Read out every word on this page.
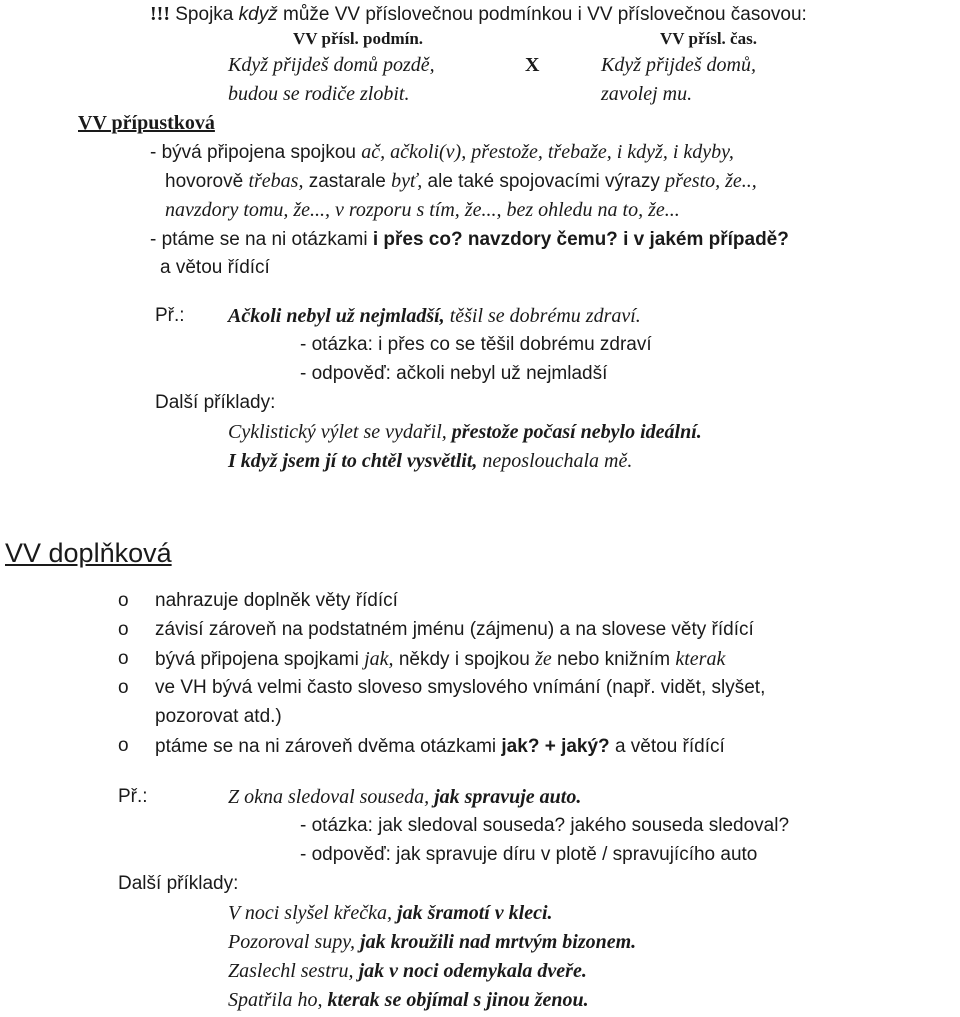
!!! Spojka když může VV příslovečnou podmínkou i VV příslovečnou časovou:
VV přísl. podmín.	VV přísl. čas.
Když přijdeš domů pozdě,	X	Když přijdeš domů,
budou se rodiče zlobit.	zavolej mu.
VV přípustková
- bývá připojena spojkou ač, ačkoli(v), přestože, třebaže, i když, i kdyby,
hovorově třebas, zastarale byť, ale také spojovacími výrazy přesto, že..,
navzdory tomu, že..., v rozporu s tím, že..., bez ohledu na to, že...
- ptáme se na ni otázkami i přes co? navzdory čemu? i v jakém případě?
a větou řídící
Př.: Ačkoli nebyl už nejmladší, těšil se dobrému zdraví.
- otázka: i přes co se těšil dobrému zdraví
- odpověď: ačkoli nebyl už nejmladší
Další příklady:
Cyklistický výlet se vydařil, přestože počasí nebylo ideální.
I když jsem jí to chtěl vysvětlit, neposlouchala mě.
VV doplňková
o nahrazuje doplněk věty řídící
o závisí zároveň na podstatném jménu (zájmenu) a na slovese věty řídící
o bývá připojena spojkami jak, někdy i spojkou že nebo knižním kterak
o ve VH bývá velmi často sloveso smyslového vnímání (např. vidět, slyšet,
pozorovat atd.)
o ptáme se na ni zároveň dvěma otázkami jak? + jaký? a větou řídící
Př.:	Z okna sledoval souseda, jak spravuje auto.
- otázka: jak sledoval souseda? jakého souseda sledoval?
- odpověď: jak spravuje díru v plotě / spravujícího auto
Další příklady:
V noci slyšel křečka, jak šramotí v kleci.
Pozoroval supy, jak kroužili nad mrtvým bizonem.
Zaslechl sestru, jak v noci odemykala dveře.
Spatřila ho, kterak se objímal s jinou ženou.
